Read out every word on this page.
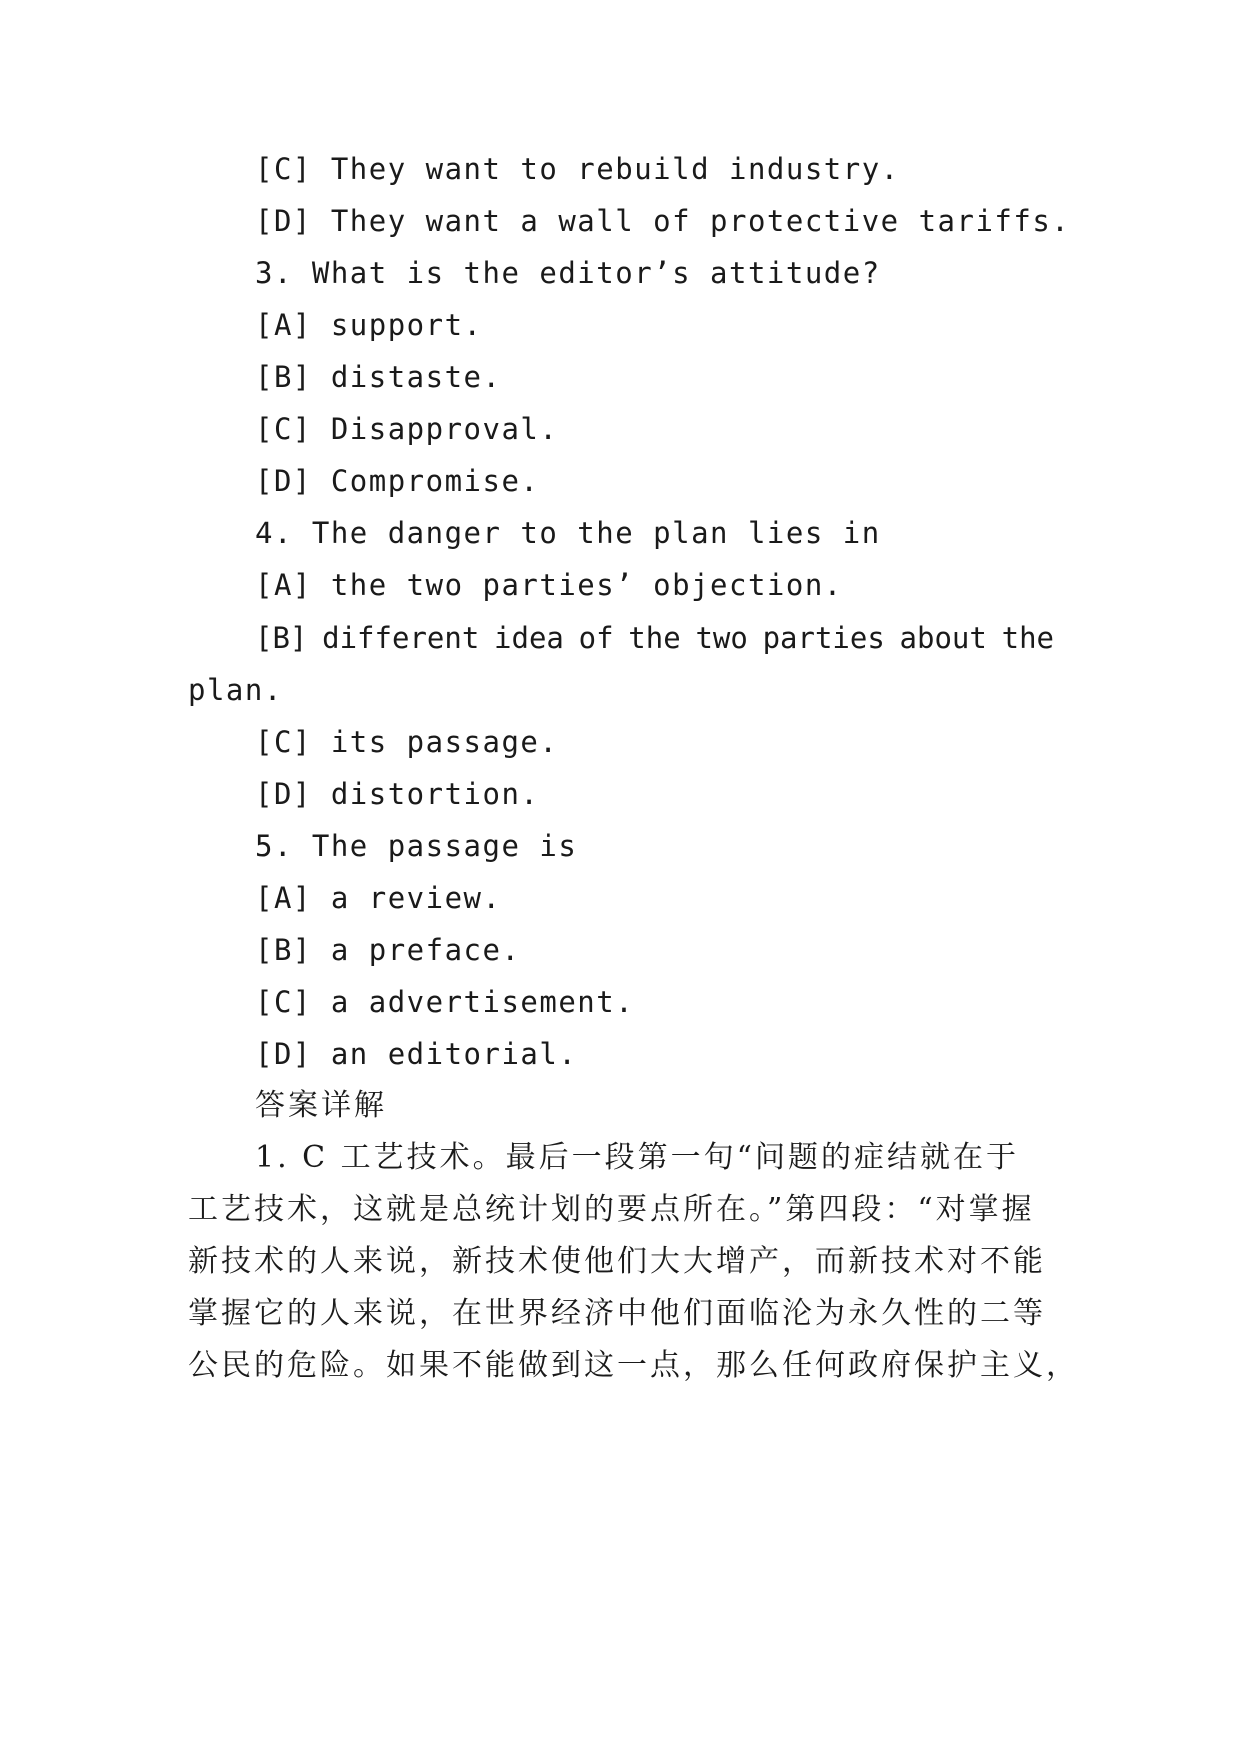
[C] They want to rebuild industry.
[D] They want a wall of protective tariffs.
3. What is the editor’s attitude?
[A] support.
[B] distaste.
[C] Disapproval.
[D] Compromise.
4. The danger to the plan lies in
[A] the two parties’ objection.
[B] different idea of the two parties about the
plan.
[C] its passage.
[D] distortion.
5. The passage is
[A] a review.
[B] a preface.
[C] a advertisement.
[D] an editorial.
答案详解
1. C 工艺技术。最后一段第一句“问题的症结就在于
工艺技术，这就是总统计划的要点所在。”第四段：“对掌握
新技术的人来说，新技术使他们大大增产，而新技术对不能
掌握它的人来说，在世界经济中他们面临沦为永久性的二等
公民的危险。如果不能做到这一点，那么任何政府保护主义，
